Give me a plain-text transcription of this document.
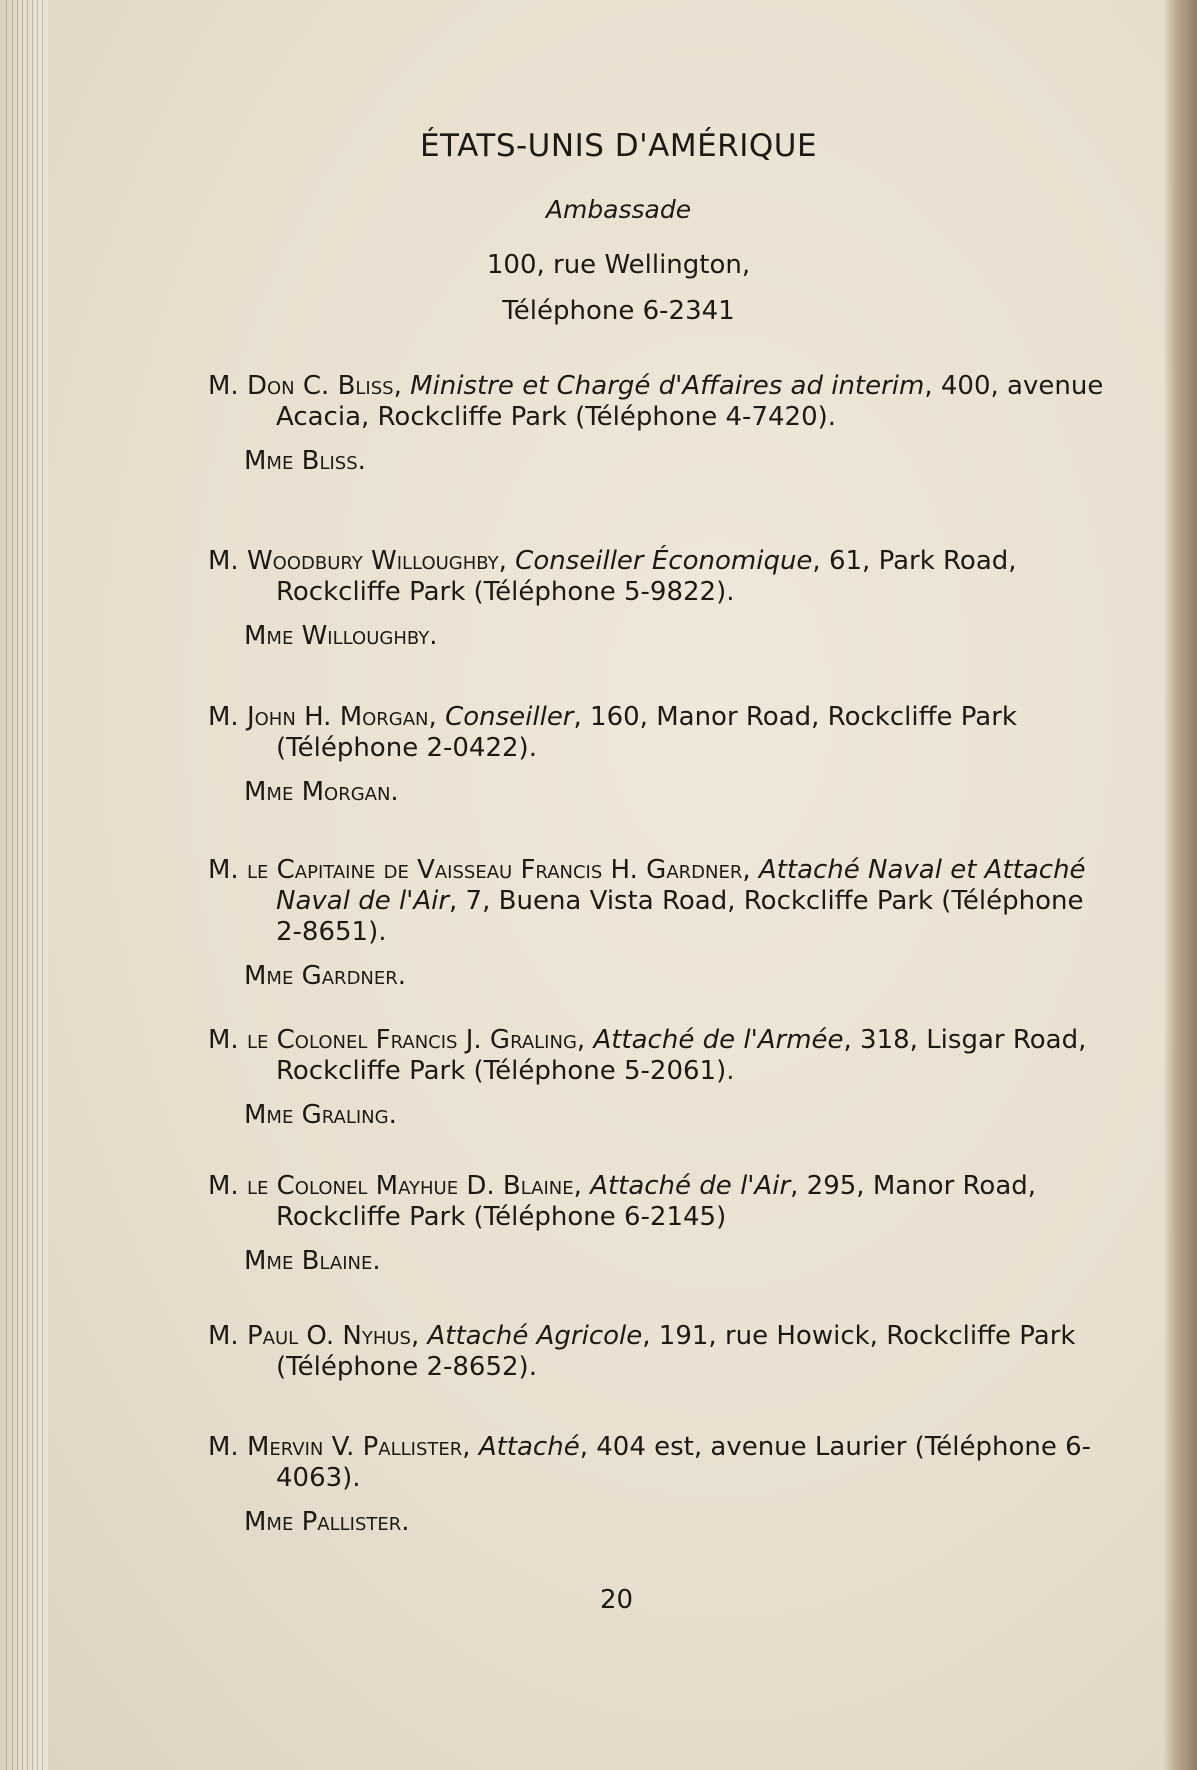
ÉTATS-UNIS D'AMÉRIQUE
Ambassade
100, rue Wellington,
Téléphone 6-2341

M. Don C. Bliss, Ministre et Chargé d'Affaires ad interim, 400, avenue Acacia, Rockcliffe Park (Téléphone 4-7420).

Mme Bliss.

M. Woodbury Willoughby, Conseiller Économique, 61, Park Road, Rockcliffe Park (Téléphone 5-9822).

Mme Willoughby.

M. John H. Morgan, Conseiller, 160, Manor Road, Rockcliffe Park (Téléphone 2-0422).

Mme Morgan.

M. le Capitaine de Vaisseau Francis H. Gardner, Attaché Naval et Attaché Naval de l'Air, 7, Buena Vista Road, Rockcliffe Park (Téléphone 2-8651).

Mme Gardner.

M. le Colonel Francis J. Graling, Attaché de l'Armée, 318, Lisgar Road, Rockcliffe Park (Téléphone 5-2061).

Mme Graling.

M. le Colonel Mayhue D. Blaine, Attaché de l'Air, 295, Manor Road, Rockcliffe Park (Téléphone 6-2145)

Mme Blaine.

M. Paul O. Nyhus, Attaché Agricole, 191, rue Howick, Rockcliffe Park (Téléphone 2-8652).

M. Mervin V. Pallister, Attaché, 404 est, avenue Laurier (Téléphone 6-4063).

Mme Pallister.
20
